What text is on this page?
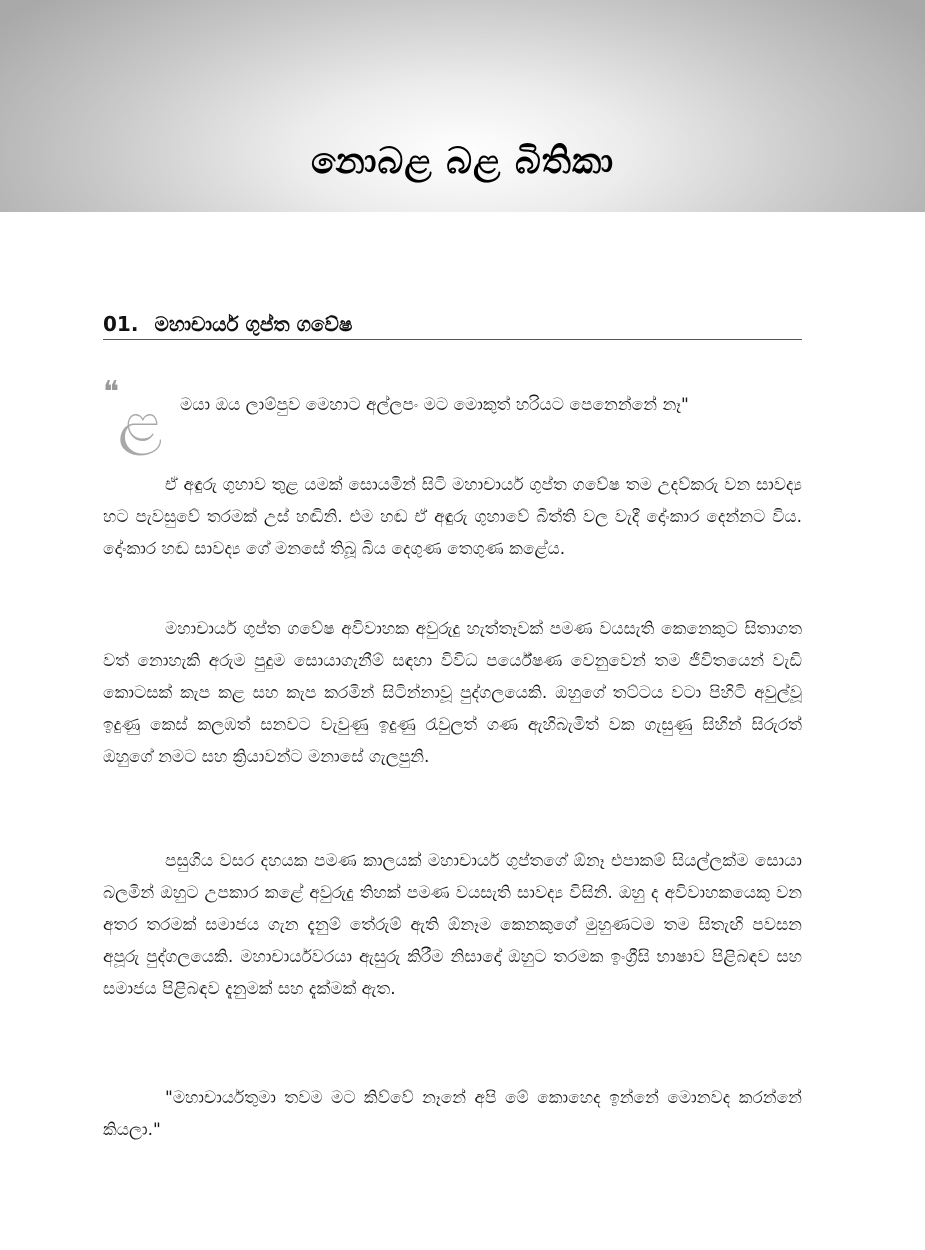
නොබළ බළ බිතිකා
01. මහාචාර්ය ගුප්ත ගවේෂ
❝
ළ මයා ඔය ලාම්පුව මෙහාට අල්ලපං මට මොකුත් හරියට පෙනෙන්නේ නෑ"

ඒ අඳුරු ගුහාව තුළ යමක් සොයමින් සිටි මහාචාර්ය ගුප්ත ගවේෂ තම උදව්කරු වන සාවද්‍ය හට පැවසුවේ තරමක් උස් හඬිනි. එම හඬ ඒ අඳුරු ගුහාවේ බිත්ති වල වැදී දෝංකාර දෙන්නට විය. දෝංකාර හඬ සාවද්‍ය ගේ මනසේ තිබූ බිය දෙගුණ තෙගුණ කළේය.

මහාචාර්ය ගුප්ත ගවේෂ අවිවාහක අවුරුදු හැත්තෑවක් පමණ වයසැති කෙනෙකුට සිතාගත වත් නොහැකි අරුම පුදුම සොයාගැනීම් සඳහා විවිධ පර්යේෂණ වෙනුවෙන් තම ජීවිතයෙන් වැඩි කොටසක් කැප කළ සහ කැප කරමින් සිටින්නාවූ පුද්ගලයෙකි. ඔහුගේ තට්ටය වටා පිහිටි අවුල්වූ ඉදුණු කෙස් කලඹත් සනවට වැවුණු ඉදුණු රැවුලත් ගණ ඇහිබැමිත් වක ගැසුණු සිහින් සිරුරත් ඔහුගේ නමට සහ ක්‍රියාවන්ට මනාසේ ගැලපුනි.

පසුගිය වසර දහයක පමණ කාලයක් මහාචාර්ය ගුප්තගේ ඕනෑ එපාකම් සියල්ලක්ම සොයා බලමින් ඔහුට උපකාර කළේ අවුරුදු තිහක් පමණ වයසැති සාවද්‍ය විසිනි. ඔහු ද අවිවාහකයෙකු වන අතර තරමක් සමාජය ගැන දැනුම් තේරුම් ඇති ඕනෑම කෙනකුගේ මුහුණටම තම සිතැඟි පවසන අපූරු පුද්ගලයෙකි. මහාචාර්යවරයා ඇසුරු කිරීම නිසාදෝ ඔහුට තරමක ඉංග්‍රීසි භාෂාව පිළිබඳව සහ සමාජය පිළිබඳව දැනුමක් සහ දැක්මක් ඇත.

"මහාචාර්යතුමා තවම මට කිව්වේ නෑනේ අපි මේ කොහෙද ඉන්නේ මොනවද කරන්නේ කියලා."
